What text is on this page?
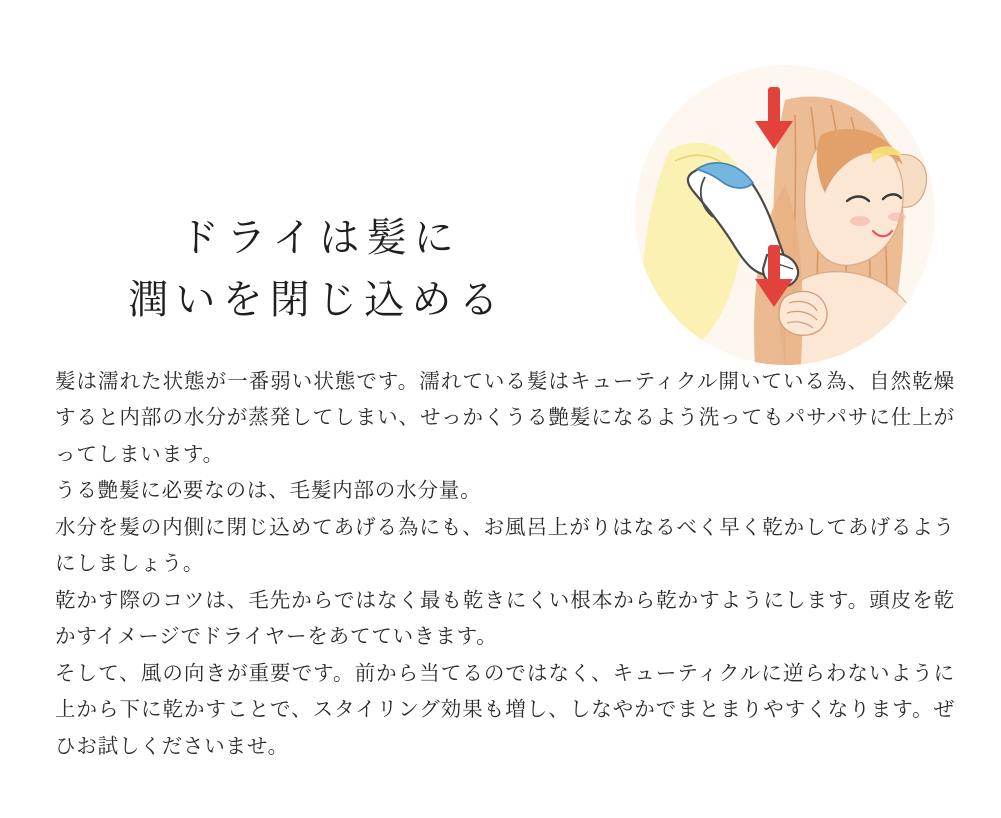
ドライは髪に
潤いを閉じ込める

髪は濡れた状態が一番弱い状態です。濡れている髪はキューティクル開いている為、自然乾燥すると内部の水分が蒸発してしまい、せっかくうる艶髪になるよう洗ってもパサパサに仕上がってしまいます。

うる艶髪に必要なのは、毛髪内部の水分量。

水分を髪の内側に閉じ込めてあげる為にも、お風呂上がりはなるべく早く乾かしてあげるようにしましょう。

乾かす際のコツは、毛先からではなく最も乾きにくい根本から乾かすようにします。頭皮を乾かすイメージでドライヤーをあてていきます。

そして、風の向きが重要です。前から当てるのではなく、キューティクルに逆らわないように上から下に乾かすことで、スタイリング効果も増し、しなやかでまとまりやすくなります。ぜひお試しくださいませ。
